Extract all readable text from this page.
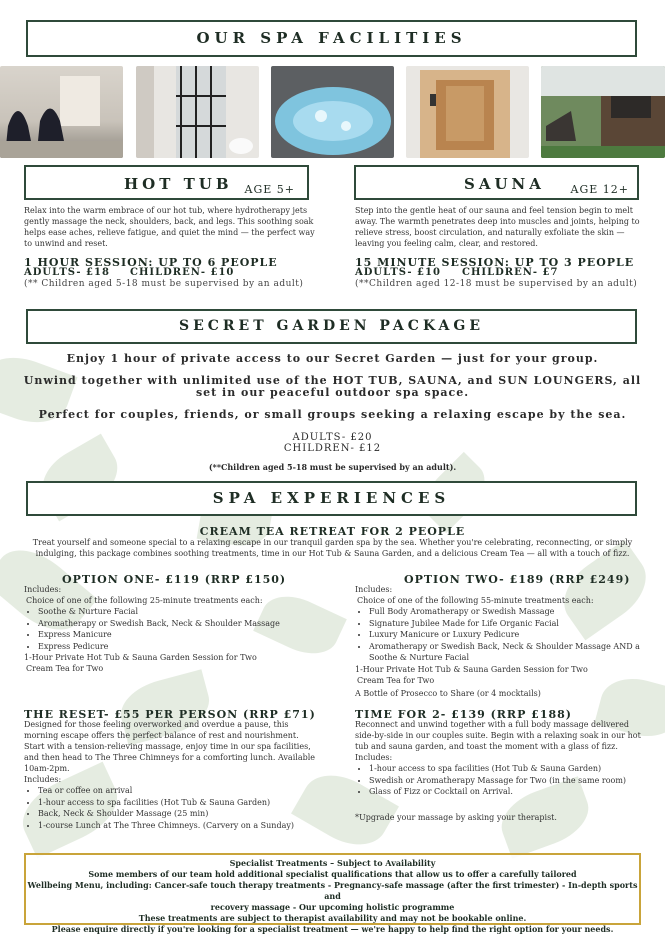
OUR SPA FACILITIES
HOT TUB AGE 5+
Relax into the warm embrace of our hot tub, where hydrotherapy jets gently massage the neck, shoulders, back, and legs. This soothing soak helps ease aches, relieve fatigue, and quiet the mind — the perfect way to unwind and reset.
1 HOUR SESSION: UP TO 6 PEOPLE
ADULTS- £18 CHILDREN- £10
(** Children aged 5-18 must be supervised by an adult)
SAUNA AGE 12+
Step into the gentle heat of our sauna and feel tension begin to melt away. The warmth penetrates deep into muscles and joints, helping to relieve stress, boost circulation, and naturally exfoliate the skin — leaving you feeling calm, clear, and restored.
15 MINUTE SESSION: UP TO 3 PEOPLE
ADULTS- £10 CHILDREN- £7
(**Children aged 12-18 must be supervised by an adult)
SECRET GARDEN PACKAGE
Enjoy 1 hour of private access to our Secret Garden — just for your group.
Unwind together with unlimited use of the HOT TUB, SAUNA, and SUN LOUNGERS, all set in our peaceful outdoor spa space.
Perfect for couples, friends, or small groups seeking a relaxing escape by the sea.
ADULTS- £20
CHILDREN- £12
(**Children aged 5-18 must be supervised by an adult).
SPA EXPERIENCES
CREAM TEA RETREAT FOR 2 PEOPLE
Treat yourself and someone special to a relaxing escape in our tranquil garden spa by the sea. Whether you're celebrating, reconnecting, or simply indulging, this package combines soothing treatments, time in our Hot Tub & Sauna Garden, and a delicious Cream Tea — all with a touch of fizz.
OPTION ONE- £119 (RRP £150)
Includes:
Choice of one of the following 25-minute treatments each:
• Soothe & Nurture Facial
• Aromatherapy or Swedish Back, Neck & Shoulder Massage
• Express Manicure
• Express Pedicure
1-Hour Private Hot Tub & Sauna Garden Session for Two
Cream Tea for Two
OPTION TWO- £189 (RRP £249)
Includes:
Choice of one of the following 55-minute treatments each:
• Full Body Aromatherapy or Swedish Massage
• Signature Jubilee Made for Life Organic Facial
• Luxury Manicure or Luxury Pedicure
• Aromatherapy or Swedish Back, Neck & Shoulder Massage AND a Soothe & Nurture Facial
1-Hour Private Hot Tub & Sauna Garden Session for Two
Cream Tea for Two
A Bottle of Prosecco to Share (or 4 mocktails)
THE RESET- £55 PER PERSON (RRP £71)
Designed for those feeling overworked and overdue a pause, this morning escape offers the perfect balance of rest and nourishment. Start with a tension-relieving massage, enjoy time in our spa facilities, and then head to The Three Chimneys for a comforting lunch. Available 10am-2pm.
Includes:
• Tea or coffee on arrival
• 1-hour access to spa facilities (Hot Tub & Sauna Garden)
• Back, Neck & Shoulder Massage (25 min)
• 1-course Lunch at The Three Chimneys. (Carvery on a Sunday)
TIME FOR 2- £139 (RRP £188)
Reconnect and unwind together with a full body massage delivered side-by-side in our couples suite. Begin with a relaxing soak in our hot tub and sauna garden, and toast the moment with a glass of fizz.
Includes:
• 1-hour access to spa facilities (Hot Tub & Sauna Garden)
• Swedish or Aromatherapy Massage for Two (in the same room)
• Glass of Fizz or Cocktail on Arrival.
*Upgrade your massage by asking your therapist.
Specialist Treatments – Subject to Availability
Some members of our team hold additional specialist qualifications that allow us to offer a carefully tailored
Wellbeing Menu, including: Cancer-safe touch therapy treatments - Pregnancy-safe massage (after the first trimester) - In-depth sports and
recovery massage - Our upcoming holistic programme
These treatments are subject to therapist availability and may not be bookable online.
Please enquire directly if you're looking for a specialist treatment — we're happy to help find the right option for your needs.
